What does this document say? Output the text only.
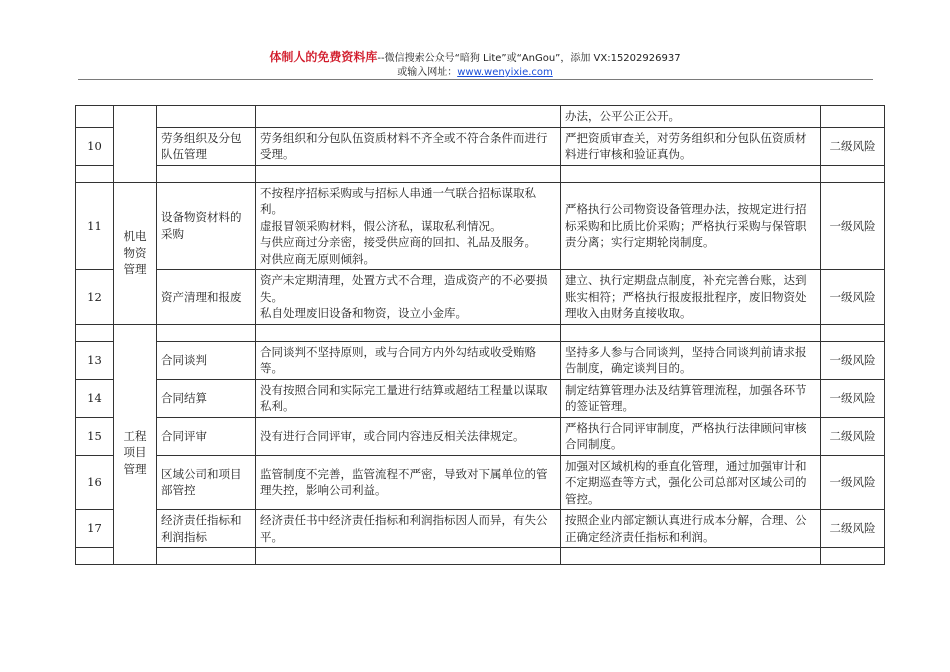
体制人的免费资料库--微信搜索公众号“暗狗 Lite”或“AnGou”，添加 VX:15202926937
或输入网址：www.wenyixie.com
				办法，公平公正公开。		
10		劳务组织及分包队伍管理	劳务组织和分包队伍资质材料不齐全或不符合条件而进行受理。	严把资质审查关，对劳务组织和分包队伍资质材料进行审核和验证真伪。	二级风险	

11	机电物资管理	设备物资材料的采购	不按程序招标采购或与招标人串通一气联合招标谋取私利。
虚报冒领采购材料，假公济私，谋取私利情况。
与供应商过分亲密，接受供应商的回扣、礼品及服务。
对供应商无原则倾斜。	严格执行公司物资设备管理办法，按规定进行招标采购和比质比价采购；严格执行采购与保管职责分离；实行定期轮岗制度。	一级风险	
12		资产清理和报废	资产未定期清理，处置方式不合理，造成资产的不必要损失。
私自处理废旧设备和物资，设立小金库。	建立、执行定期盘点制度，补充完善台账，达到账实相符；严格执行报废报批程序，废旧物资处理收入由财务直接收取。	一级风险	

13	工程项目管理	合同谈判	合同谈判不坚持原则，或与合同方内外勾结或收受贿赂等。	坚持多人参与合同谈判，坚持合同谈判前请求报告制度，确定谈判目的。	一级风险	
14		合同结算	没有按照合同和实际完工量进行结算或超结工程量以谋取私利。	制定结算管理办法及结算管理流程，加强各环节的签证管理。	一级风险	
15		合同评审	没有进行合同评审，或合同内容违反相关法律规定。	严格执行合同评审制度，严格执行法律顾问审核合同制度。	二级风险	
16		区域公司和项目部管控	监管制度不完善，监管流程不严密，导致对下属单位的管理失控，影响公司利益。	加强对区域机构的垂直化管理，通过加强审计和不定期巡查等方式，强化公司总部对区域公司的管控。	一级风险	
17		经济责任指标和利润指标	经济责任书中经济责任指标和利润指标因人而异，有失公平。	按照企业内部定额认真进行成本分解，合理、公正确定经济责任指标和利润。	二级风险	
